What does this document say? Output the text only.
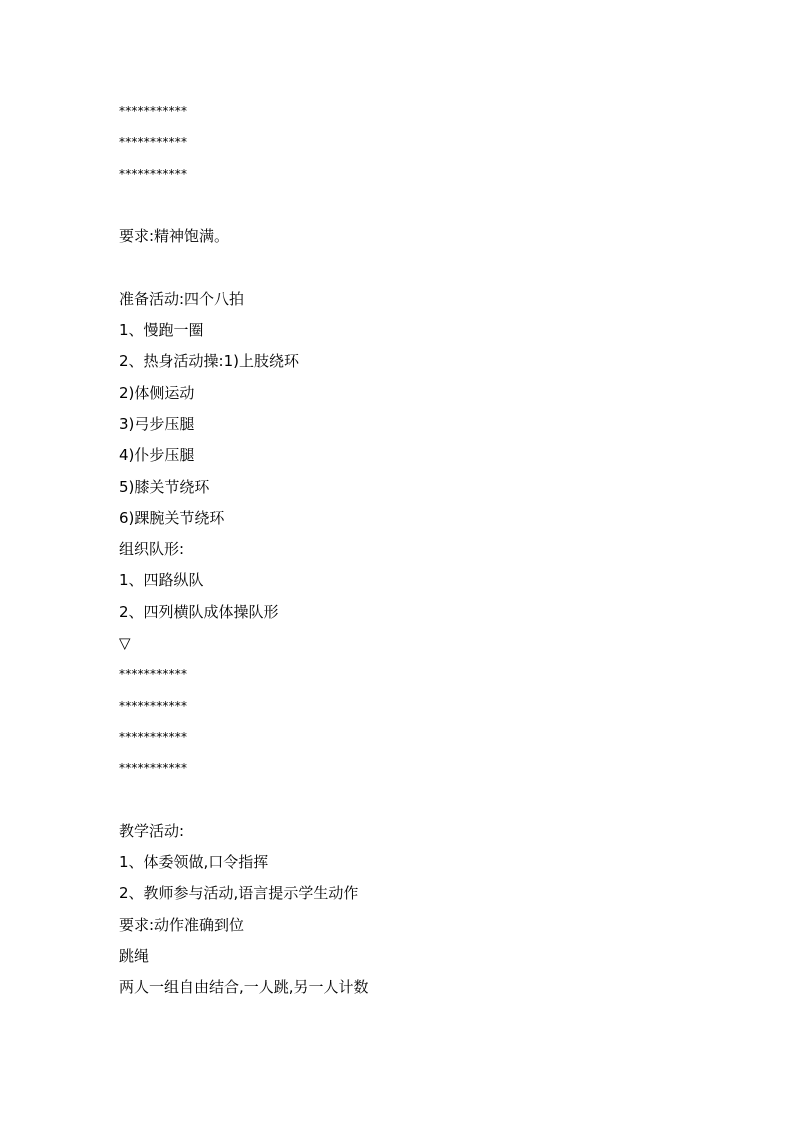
***********
***********
***********
要求:精神饱满。
准备活动:四个八拍
1、慢跑一圈
2、热身活动操:1)上肢绕环
2)体侧运动
3)弓步压腿
4)仆步压腿
5)膝关节绕环
6)踝腕关节绕环
组织队形:
1、四路纵队
2、四列横队成体操队形
▽
***********
***********
***********
***********
教学活动:
1、体委领做,口令指挥
2、教师参与活动,语言提示学生动作
要求:动作准确到位
跳绳
两人一组自由结合,一人跳,另一人计数
